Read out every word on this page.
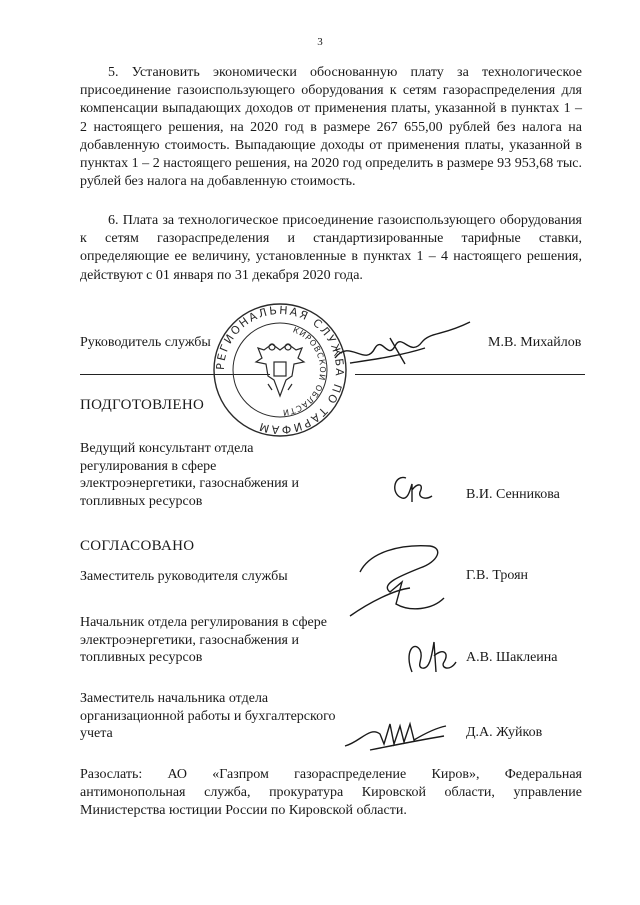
3

5. Установить экономически обоснованную плату за технологическое присоединение газоиспользующего оборудования к сетям газораспределения для компенсации выпадающих доходов от применения платы, указанной в пунктах 1 – 2 настоящего решения, на 2020 год в размере 267 655,00 рублей без налога на добавленную стоимость. Выпадающие доходы от применения платы, указанной в пунктах 1 – 2 настоящего решения, на 2020 год определить в размере 93 953,68 тыс. рублей без налога на добавленную стоимость.

6. Плата за технологическое присоединение газоиспользующего оборудования к сетям газораспределения и стандартизированные тарифные ставки, определяющие ее величину, установленные в пунктах 1 – 4 настоящего решения, действуют с 01 января по 31 декабря 2020 года.

Руководитель службы	М.В. Михайлов
РЕГИОНАЛЬНАЯ СЛУЖБА ПО ТАРИФАМ
КИРОВСКОЙ ОБЛАСТИ
ПОДГОТОВЛЕНО
Ведущий консультант отдела регулирования в сфере электроэнергетики, газоснабжения и топливных ресурсов	В.И. Сенникова
СОГЛАСОВАНО
Заместитель руководителя службы	Г.В. Троян
Начальник отдела регулирования в сфере электроэнергетики, газоснабжения и топливных ресурсов	А.В. Шаклеина
Заместитель начальника отдела организационной работы и бухгалтерского учета	Д.А. Жуйков

Разослать: АО «Газпром газораспределение Киров», Федеральная антимонопольная служба, прокуратура Кировской области, управление Министерства юстиции России по Кировской области.
